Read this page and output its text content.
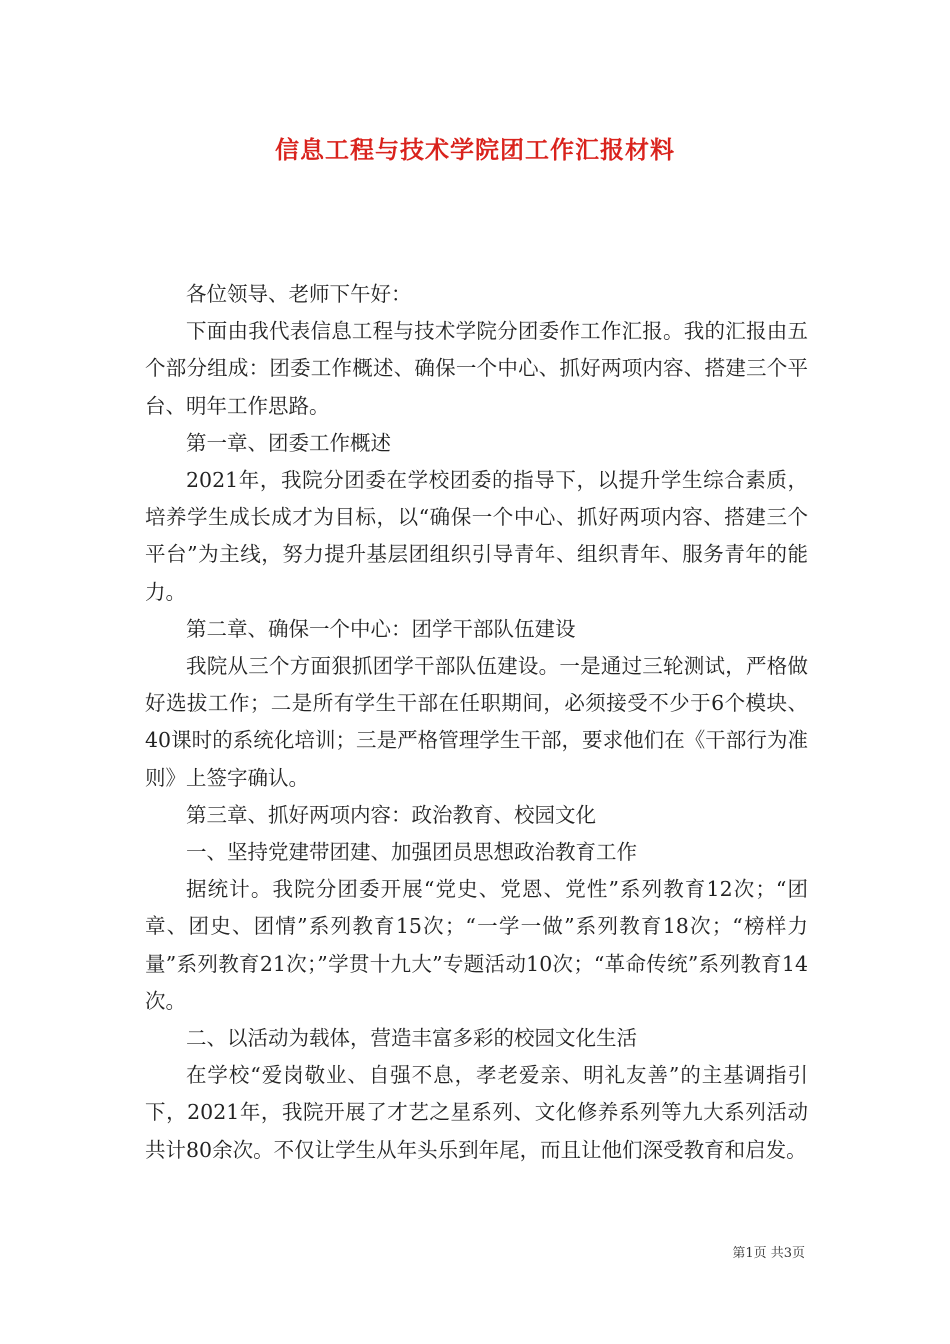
信息工程与技术学院团工作汇报材料

各位领导、老师下午好：

下面由我代表信息工程与技术学院分团委作工作汇报。我的汇报由五个部分组成：团委工作概述、确保一个中心、抓好两项内容、搭建三个平台、明年工作思路。

第一章、团委工作概述

2021年，我院分团委在学校团委的指导下，以提升学生综合素质，培养学生成长成才为目标，以“确保一个中心、抓好两项内容、搭建三个平台”为主线，努力提升基层团组织引导青年、组织青年、服务青年的能力。

第二章、确保一个中心：团学干部队伍建设

我院从三个方面狠抓团学干部队伍建设。一是通过三轮测试，严格做好选拔工作；二是所有学生干部在任职期间，必须接受不少于6个模块、40课时的系统化培训；三是严格管理学生干部，要求他们在《干部行为准则》上签字确认。

第三章、抓好两项内容：政治教育、校园文化

一、坚持党建带团建、加强团员思想政治教育工作

据统计。我院分团委开展“党史、党恩、党性”系列教育12次；“团章、团史、团情”系列教育15次；“一学一做”系列教育18次；“榜样力量”系列教育21次；”学贯十九大”专题活动10次；“革命传统”系列教育14次。

二、以活动为载体，营造丰富多彩的校园文化生活

在学校“爱岗敬业、自强不息，孝老爱亲、明礼友善”的主基调指引下，2021年，我院开展了才艺之星系列、文化修养系列等九大系列活动共计80余次。不仅让学生从年头乐到年尾，而且让他们深受教育和启发。

第1页 共3页
